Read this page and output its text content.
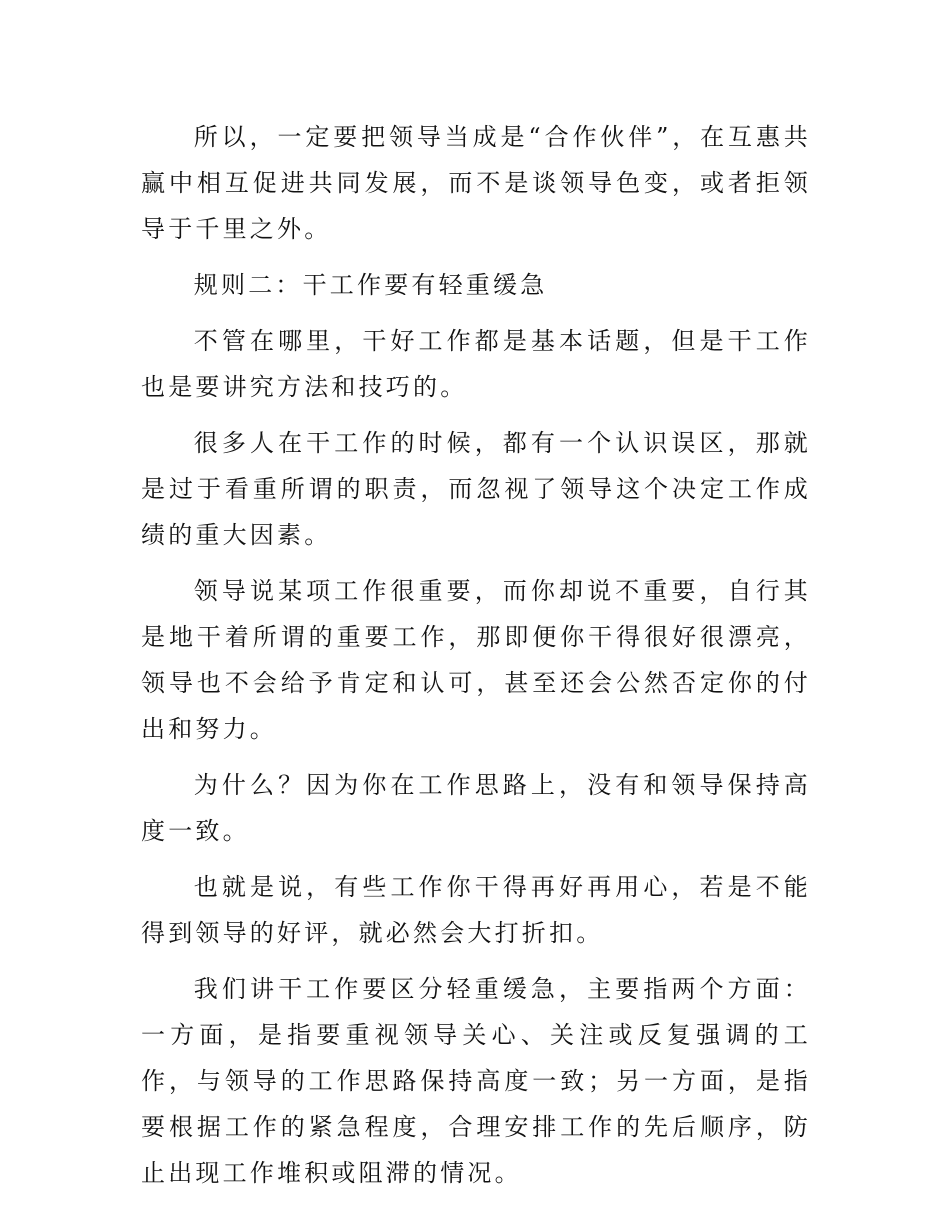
所以，一定要把领导当成是“合作伙伴”，在互惠共赢中相互促进共同发展，而不是谈领导色变，或者拒领导于千里之外。

规则二：干工作要有轻重缓急

不管在哪里，干好工作都是基本话题，但是干工作也是要讲究方法和技巧的。

很多人在干工作的时候，都有一个认识误区，那就是过于看重所谓的职责，而忽视了领导这个决定工作成绩的重大因素。

领导说某项工作很重要，而你却说不重要，自行其是地干着所谓的重要工作，那即便你干得很好很漂亮，领导也不会给予肯定和认可，甚至还会公然否定你的付出和努力。

为什么？因为你在工作思路上，没有和领导保持高度一致。

也就是说，有些工作你干得再好再用心，若是不能得到领导的好评，就必然会大打折扣。

我们讲干工作要区分轻重缓急，主要指两个方面：一方面，是指要重视领导关心、关注或反复强调的工作，与领导的工作思路保持高度一致；另一方面，是指要根据工作的紧急程度，合理安排工作的先后顺序，防止出现工作堆积或阻滞的情况。
